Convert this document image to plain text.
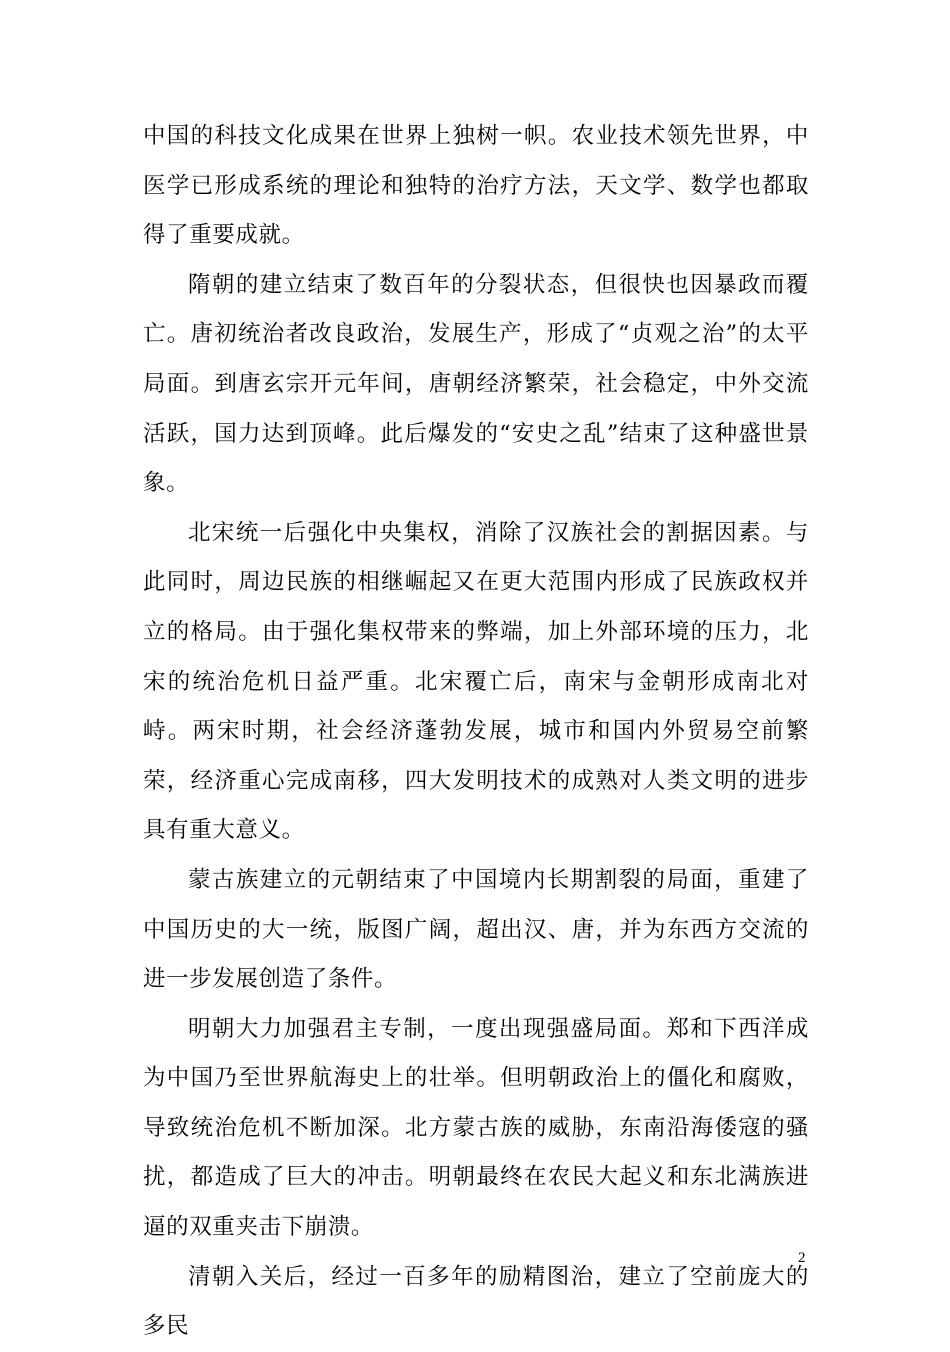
中国的科技文化成果在世界上独树一帜。农业技术领先世界，中医学已形成系统的理论和独特的治疗方法，天文学、数学也都取得了重要成就。

隋朝的建立结束了数百年的分裂状态，但很快也因暴政而覆亡。唐初统治者改良政治，发展生产，形成了“贞观之治”的太平局面。到唐玄宗开元年间，唐朝经济繁荣，社会稳定，中外交流活跃，国力达到顶峰。此后爆发的“安史之乱”结束了这种盛世景象。

北宋统一后强化中央集权，消除了汉族社会的割据因素。与此同时，周边民族的相继崛起又在更大范围内形成了民族政权并立的格局。由于强化集权带来的弊端，加上外部环境的压力，北宋的统治危机日益严重。北宋覆亡后，南宋与金朝形成南北对峙。两宋时期，社会经济蓬勃发展，城市和国内外贸易空前繁荣，经济重心完成南移，四大发明技术的成熟对人类文明的进步具有重大意义。

蒙古族建立的元朝结束了中国境内长期割裂的局面，重建了中国历史的大一统，版图广阔，超出汉、唐，并为东西方交流的进一步发展创造了条件。

明朝大力加强君主专制，一度出现强盛局面。郑和下西洋成为中国乃至世界航海史上的壮举。但明朝政治上的僵化和腐败，导致统治危机不断加深。北方蒙古族的威胁，东南沿海倭寇的骚扰，都造成了巨大的冲击。明朝最终在农民大起义和东北满族进逼的双重夹击下崩溃。

清朝入关后，经过一百多年的励精图治，建立了空前庞大的多民

2
